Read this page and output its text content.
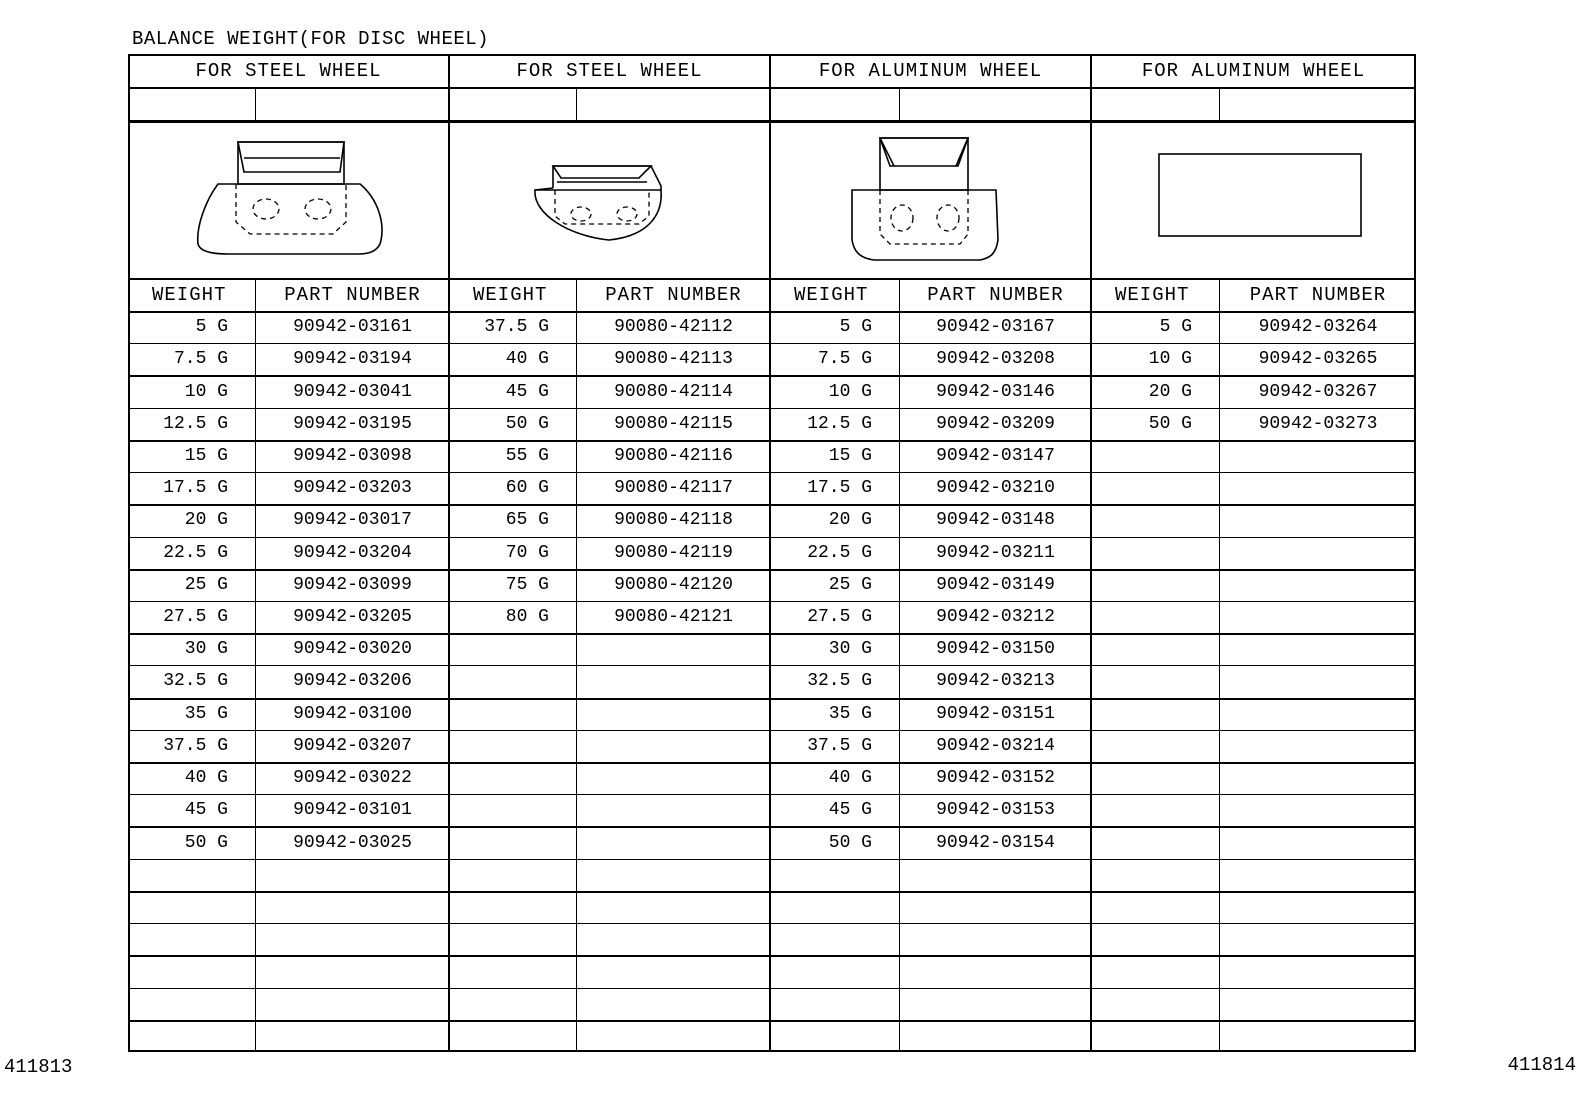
BALANCE WEIGHT(FOR DISC WHEEL)
411813	411814
FOR STEEL WHEEL
WEIGHT	PART NUMBER
5 G	90942-03161
7.5 G	90942-03194
10 G	90942-03041
12.5 G	90942-03195
15 G	90942-03098
17.5 G	90942-03203
20 G	90942-03017
22.5 G	90942-03204
25 G	90942-03099
27.5 G	90942-03205
30 G	90942-03020
32.5 G	90942-03206
35 G	90942-03100
37.5 G	90942-03207
40 G	90942-03022
45 G	90942-03101
50 G	90942-03025
FOR STEEL WHEEL
WEIGHT	PART NUMBER
37.5 G	90080-42112
40 G	90080-42113
45 G	90080-42114
50 G	90080-42115
55 G	90080-42116
60 G	90080-42117
65 G	90080-42118
70 G	90080-42119
75 G	90080-42120
80 G	90080-42121
FOR ALUMINUM WHEEL
WEIGHT	PART NUMBER
5 G	90942-03167
7.5 G	90942-03208
10 G	90942-03146
12.5 G	90942-03209
15 G	90942-03147
17.5 G	90942-03210
20 G	90942-03148
22.5 G	90942-03211
25 G	90942-03149
27.5 G	90942-03212
30 G	90942-03150
32.5 G	90942-03213
35 G	90942-03151
37.5 G	90942-03214
40 G	90942-03152
45 G	90942-03153
50 G	90942-03154
FOR ALUMINUM WHEEL
WEIGHT	PART NUMBER
5 G	90942-03264
10 G	90942-03265
20 G	90942-03267
50 G	90942-03273
